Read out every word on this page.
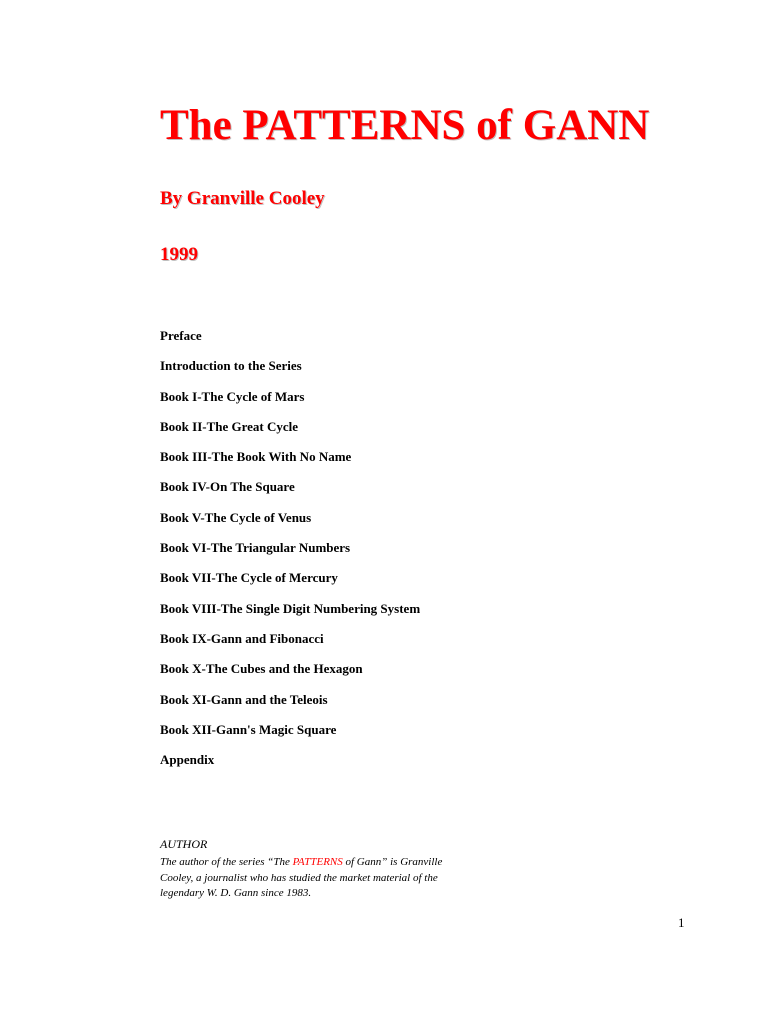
The PATTERNS of GANN
By Granville Cooley
1999
Preface
Introduction to the Series
Book I-The Cycle of Mars
Book II-The Great Cycle
Book III-The Book With No Name
Book IV-On The Square
Book V-The Cycle of Venus
Book VI-The Triangular Numbers
Book VII-The Cycle of Mercury
Book VIII-The Single Digit Numbering System
Book IX-Gann and Fibonacci
Book X-The Cubes and the Hexagon
Book XI-Gann and the Teleois
Book XII-Gann's Magic Square
Appendix
AUTHOR
The author of the series “The PATTERNS of Gann” is Granville Cooley, a journalist who has studied the market material of the legendary W. D. Gann since 1983.
1
